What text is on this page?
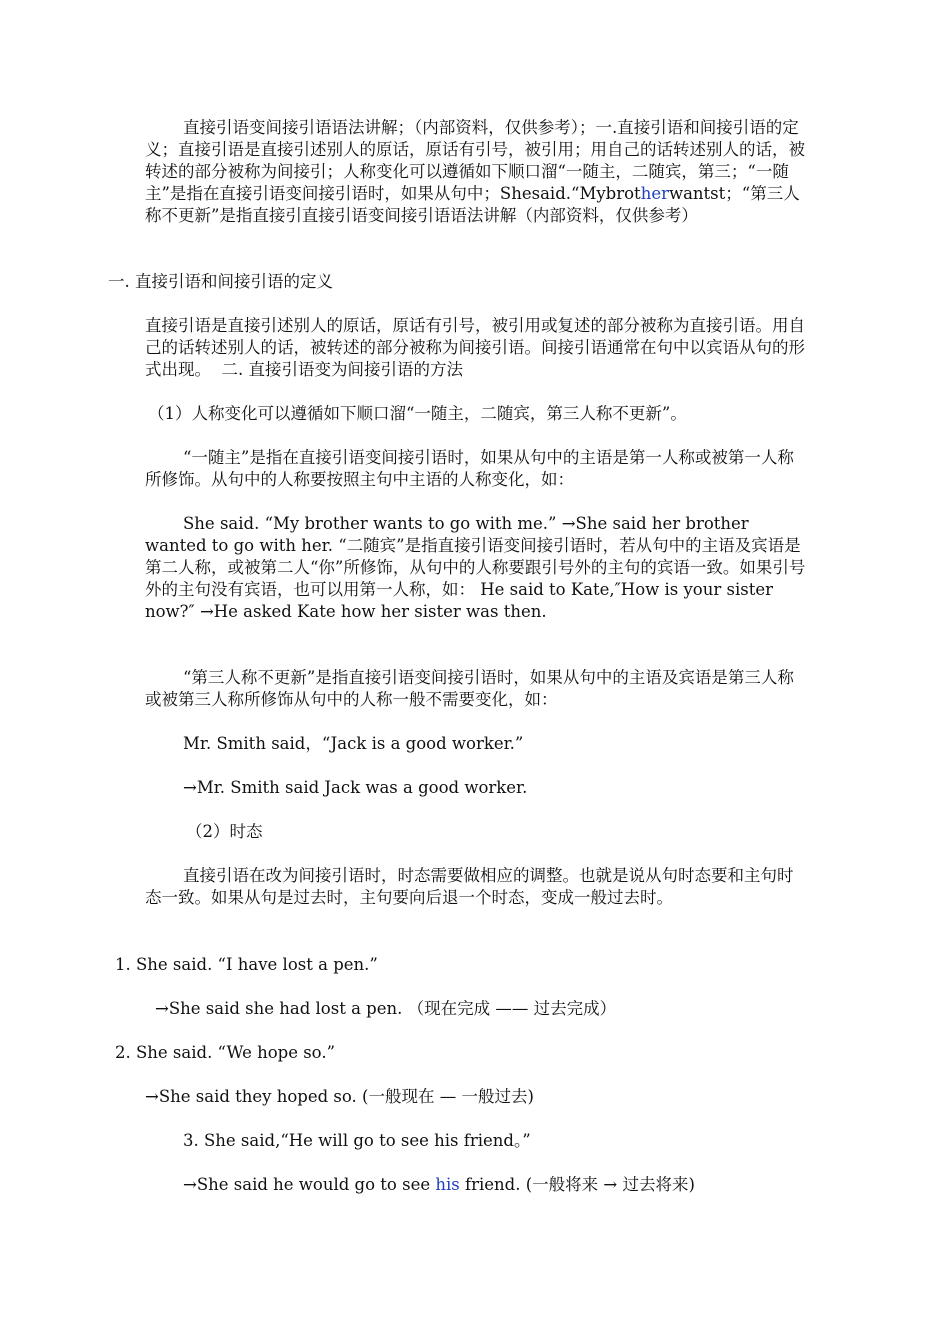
直接引语变间接引语语法讲解；（内部资料，仅供参考）；一.直接引语和间接引语的定义；直接引语是直接引述别人的原话，原话有引号，被引用；用自己的话转述别人的话，被转述的部分被称为间接引；人称变化可以遵循如下顺口溜“一随主，二随宾，第三；“一随主”是指在直接引语变间接引语时，如果从句中；Shesaid.“Mybrotherwantst；“第三人称不更新”是指直接引直接引语变间接引语语法讲解（内部资料，仅供参考）

一. 直接引语和间接引语的定义

直接引语是直接引述别人的原话，原话有引号，被引用或复述的部分被称为直接引语。用自己的话转述别人的话，被转述的部分被称为间接引语。间接引语通常在句中以宾语从句的形式出现。  二. 直接引语变为间接引语的方法

（1）人称变化可以遵循如下顺口溜“一随主，二随宾，第三人称不更新”。

“一随主”是指在直接引语变间接引语时，如果从句中的主语是第一人称或被第一人称所修饰。从句中的人称要按照主句中主语的人称变化，如：

She said. “My brother wants to go with me.” →She said her brother wanted to go with her. “二随宾”是指直接引语变间接引语时，若从句中的主语及宾语是第二人称，或被第二人“你”所修饰，从句中的人称要跟引号外的主句的宾语一致。如果引号外的主句没有宾语，也可以用第一人称，如： He said to Kate,″How is your sister now?″ →He asked Kate how her sister was then.

“第三人称不更新”是指直接引语变间接引语时，如果从句中的主语及宾语是第三人称或被第三人称所修饰从句中的人称一般不需要变化，如：

Mr. Smith said，“Jack is a good worker.”

→Mr. Smith said Jack was a good worker.

（2）时态

直接引语在改为间接引语时，时态需要做相应的调整。也就是说从句时态要和主句时态一致。如果从句是过去时，主句要向后退一个时态，变成一般过去时。

1. She said. “I have lost a pen.”

→She said she had lost a pen. （现在完成 —— 过去完成）

2. She said. “We hope so.”

→She said they hoped so. (一般现在 — 一般过去)

3. She said,“He will go to see his friend。”

→She said he would go to see his friend. (一般将来 → 过去将来)
